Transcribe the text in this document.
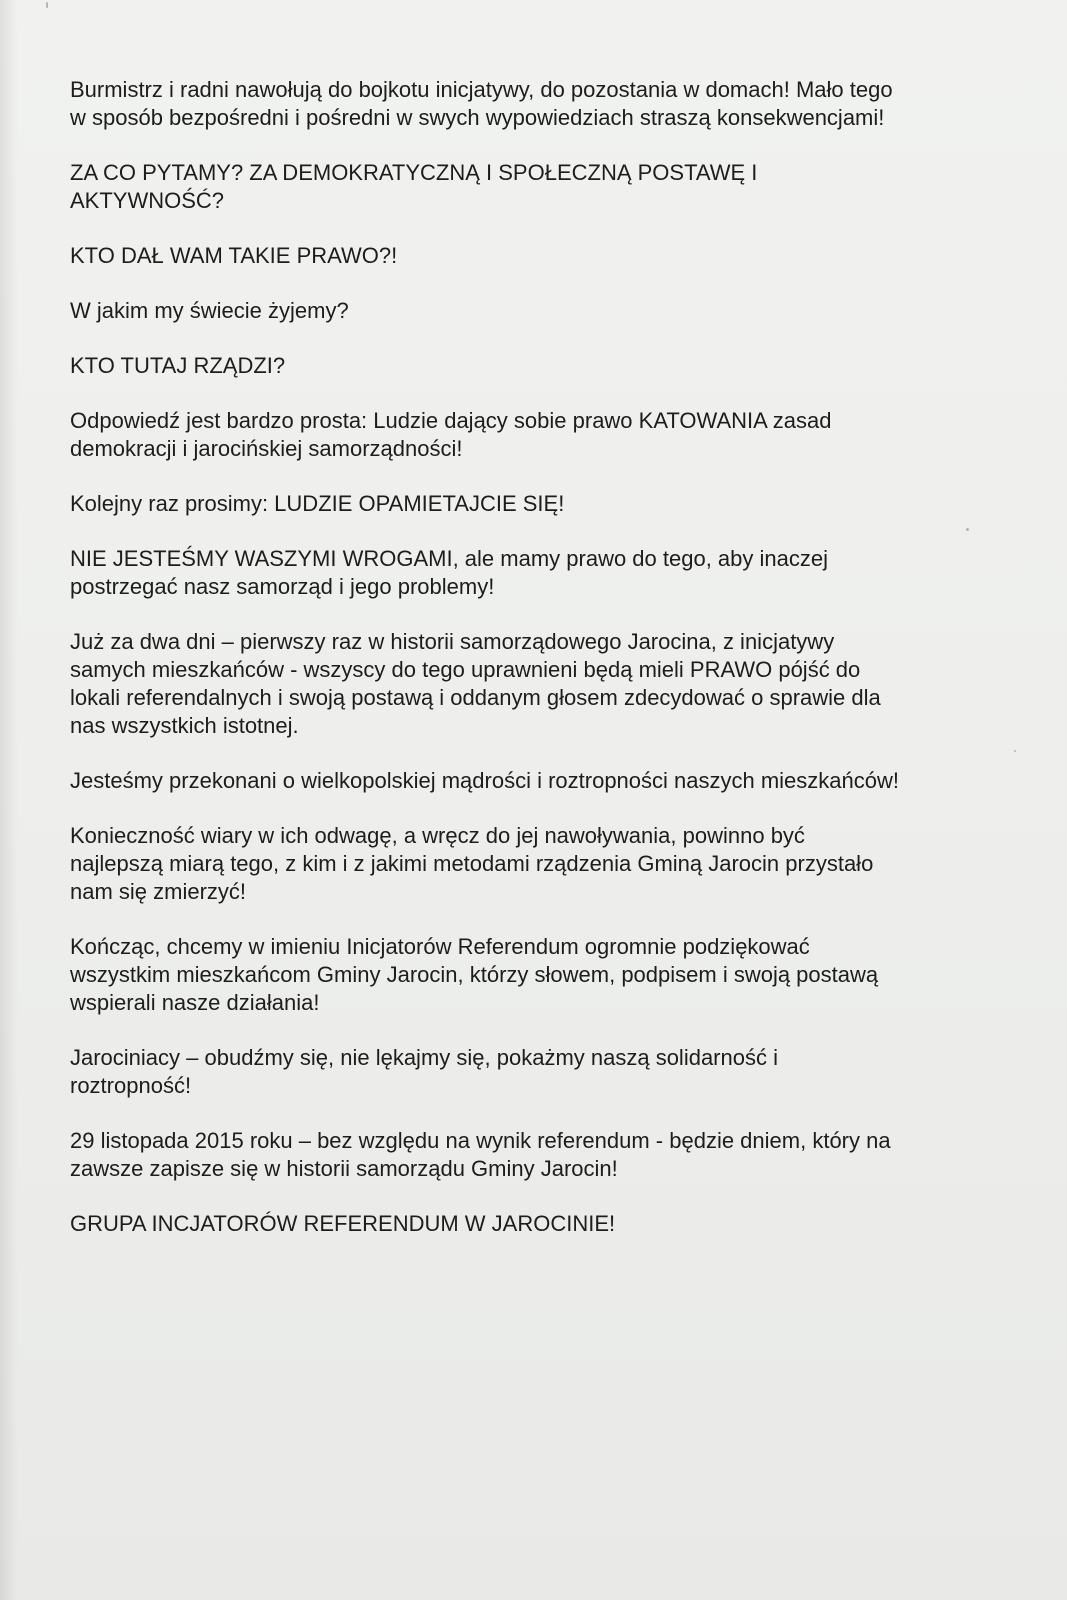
Burmistrz i radni nawołują do bojkotu inicjatywy, do pozostania w domach! Mało tego
w sposób bezpośredni i pośredni w swych wypowiedziach straszą konsekwencjami!

ZA CO PYTAMY? ZA DEMOKRATYCZNĄ I SPOŁECZNĄ POSTAWĘ I
AKTYWNOŚĆ?

KTO DAŁ WAM TAKIE PRAWO?!

W jakim my świecie żyjemy?

KTO TUTAJ RZĄDZI?

Odpowiedź jest bardzo prosta: Ludzie dający sobie prawo KATOWANIA zasad
demokracji i jarocińskiej samorządności!

Kolejny raz prosimy: LUDZIE OPAMIETAJCIE SIĘ!

NIE JESTEŚMY WASZYMI WROGAMI, ale mamy prawo do tego, aby inaczej
postrzegać nasz samorząd i jego problemy!

Już za dwa dni – pierwszy raz w historii samorządowego Jarocina, z inicjatywy
samych mieszkańców - wszyscy do tego uprawnieni będą mieli PRAWO pójść do
lokali referendalnych i swoją postawą i oddanym głosem zdecydować o sprawie dla
nas wszystkich istotnej.

Jesteśmy przekonani o wielkopolskiej mądrości i roztropności naszych mieszkańców!

Konieczność wiary w ich odwagę, a wręcz do jej nawoływania, powinno być
najlepszą miarą tego, z kim i z jakimi metodami rządzenia Gminą Jarocin przystało
nam się zmierzyć!

Kończąc, chcemy w imieniu Inicjatorów Referendum ogromnie podziękować
wszystkim mieszkańcom Gminy Jarocin, którzy słowem, podpisem i swoją postawą
wspierali nasze działania!

Jarociniacy – obudźmy się, nie lękajmy się, pokażmy naszą solidarność i
roztropność!

29 listopada 2015 roku – bez względu na wynik referendum - będzie dniem, który na
zawsze zapisze się w historii samorządu Gminy Jarocin!

GRUPA INCJATORÓW REFERENDUM W JAROCINIE!
